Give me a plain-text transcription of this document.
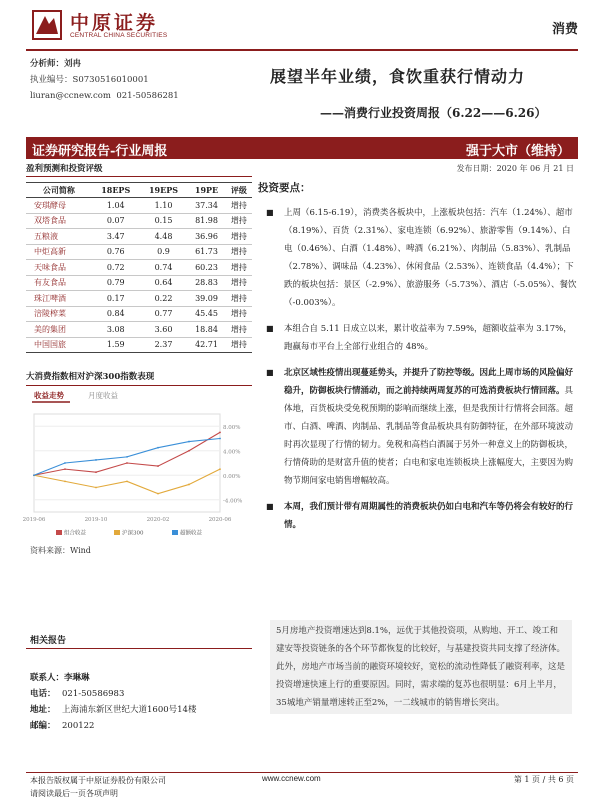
中原证券
CENTRAL CHINA SECURITIES	消费
分析师：刘冉
执业编号：S0730516010001
liuran@ccnew.com 021-50586281
展望半年业绩，食饮重获行情动力
——消费行业投资周报（6.22——6.26）
证券研究报告-行业周报	强于大市（维持）
盈利预测和投资评级
公司简称	18EPS	19EPS	19PE	评级
安琪酵母	1.04	1.10	37.34	增持
双塔食品	0.07	0.15	81.98	增持
五粮液	3.47	4.48	36.96	增持
中炬高新	0.76	0.9	61.73	增持
天味食品	0.72	0.74	60.23	增持
有友食品	0.79	0.64	28.83	增持
珠江啤酒	0.17	0.22	39.09	增持
涪陵榨菜	0.84	0.77	45.45	增持
美的集团	3.08	3.60	18.84	增持
中国国旅	1.59	2.37	42.71	增持
大消费指数相对沪深300指数表现
收益走势	月度收益
8.00%
4.00%
0.00%
-4.00%
2019-06	2019-10	2020-02	2020-06
组合收益	沪深300	超额收益
资料来源：Wind
相关报告
联系人：李琳琳
电话： 021-50586983
地址： 上海浦东新区世纪大道1600号14楼
邮编： 200122
发布日期：2020 年 06 月 21 日
投资要点：
■ 上周（6.15-6.19），消费类各板块中，上涨板块包括：汽车（1.24%）、超市（8.19%）、百货（2.31%）、家电连锁（6.92%）、旅游零售（9.14%）、白电（0.46%）、白酒（1.48%）、啤酒（6.21%）、肉制品（5.83%）、乳制品（2.78%）、调味品（4.23%）、休闲食品（2.53%）、连锁食品（4.4%）；下跌的板块包括：景区（-2.9%）、旅游服务（-5.73%）、酒店（-5.05%）、餐饮（-0.003%）。
■ 本组合自 5.11 日成立以来，累计收益率为 7.59%，超额收益率为 3.17%，跑赢每市平台上全部行业组合的 48%。
■ 北京区域性疫情出现蔓延势头，并提升了防控等级。因此上周市场的风险偏好稳升，防御板块行情涌动，而之前持续两周复苏的可选消费板块行情回落。具体地，百货板块受免税预期的影响而继续上涨，但是我预计行情将会回落。超市、白酒、啤酒、肉制品、乳制品等食品板块具有防御特征，在外部环境波动时再次显现了行情的韧力。免税和高档白酒属于另外一种意义上的防御板块，行情倚助的是财富升值的使者；白电和家电连锁板块上涨幅度大，主要因为购物节期间家电销售增幅较高。
■ 本周，我们预计带有周期属性的消费板块仍如白电和汽车等仍将会有较好的行情。
5月房地产投资增速达到8.1%，远优于其他投资项，从购地、开工、竣工和建安等投资链条的各个环节都恢复的比较好，与基建投资共同支撑了经济体。此外，房地产市场当前的融资环境较好，宽松的流动性降低了融资利率，这是投资增速快速上行的重要原因。同时，需求端的复苏也很明显：6月上半月，35城地产销量增速转正至2%，一二线城市的销售增长突出。
本报告版权属于中原证券股份有限公司
请阅读最后一页各项声明
www.ccnew.com	第 1 页 / 共 6 页
